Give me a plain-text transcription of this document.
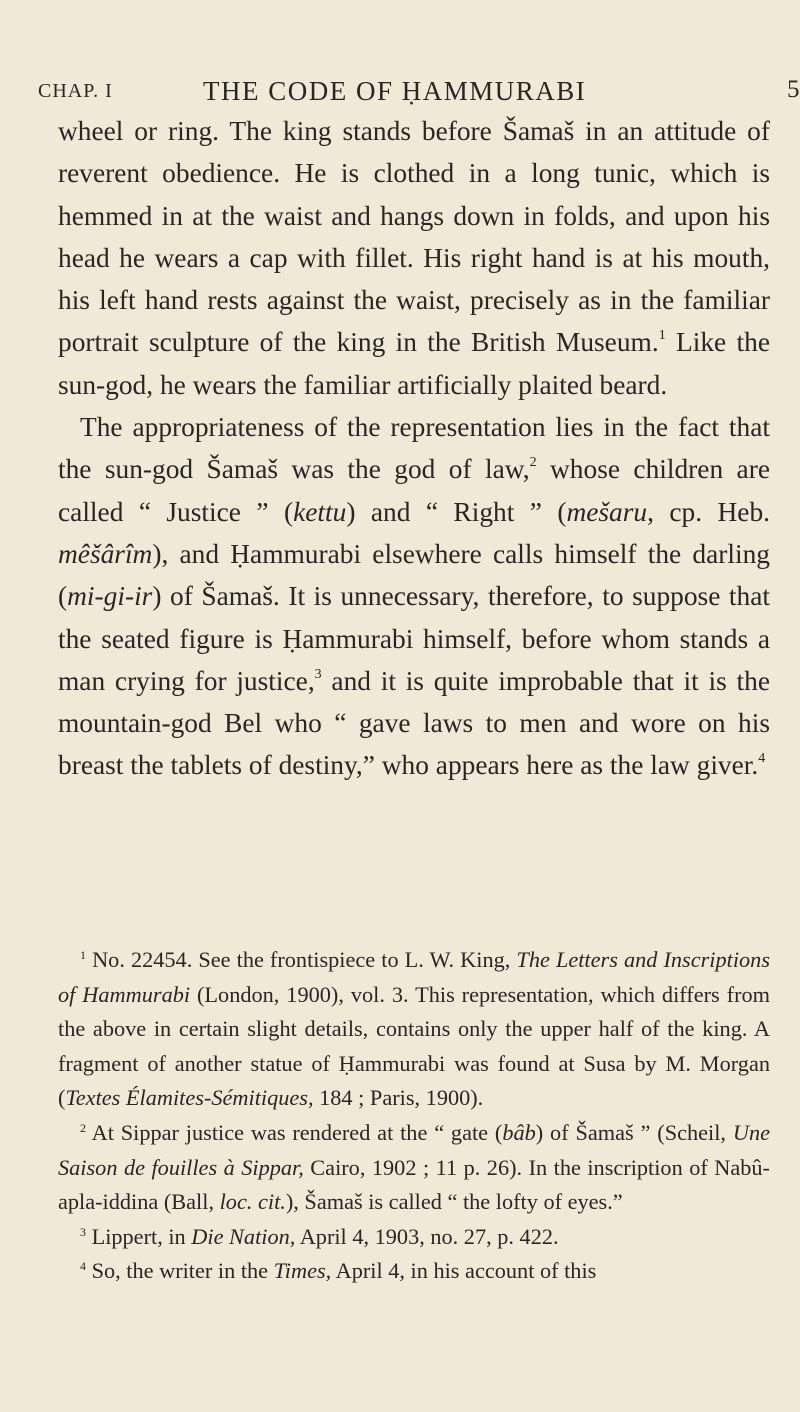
CHAP. I	THE CODE OF ḤAMMURABI	5

wheel or ring. The king stands before Šamaš in an attitude of reverent obedience. He is clothed in a long tunic, which is hemmed in at the waist and hangs down in folds, and upon his head he wears a cap with fillet. His right hand is at his mouth, his left hand rests against the waist, precisely as in the familiar portrait sculpture of the king in the British Museum.$^1$ Like the sun-god, he wears the familiar artificially plaited beard.

The appropriateness of the representation lies in the fact that the sun-god Šamaš was the god of law,$^2$ whose children are called “ Justice ” (kettu) and “ Right ” (mešaru, cp. Heb. mêšârîm), and Ḥammurabi elsewhere calls himself the darling (mi-gi-ir) of Šamaš. It is unnecessary, therefore, to suppose that the seated figure is Ḥammurabi himself, before whom stands a man crying for justice,$^3$ and it is quite improbable that it is the mountain-god Bel who “ gave laws to men and wore on his breast the tablets of destiny,” who appears here as the law giver.$^4$

$^1$ No. 22454. See the frontispiece to L. W. King, The Letters and Inscriptions of Hammurabi (London, 1900), vol. 3. This representation, which differs from the above in certain slight details, contains only the upper half of the king. A fragment of another statue of Ḥammurabi was found at Susa by M. Morgan (Textes Élamites-Sémitiques, 184 ; Paris, 1900).

$^2$ At Sippar justice was rendered at the “ gate (bâb) of Šamaš ” (Scheil, Une Saison de fouilles à Sippar, Cairo, 1902 ; 11 p. 26). In the inscription of Nabû-apla-iddina (Ball, loc. cit.), Šamaš is called “ the lofty of eyes.”

$^3$ Lippert, in Die Nation, April 4, 1903, no. 27, p. 422.

$^4$ So, the writer in the Times, April 4, in his account of this
